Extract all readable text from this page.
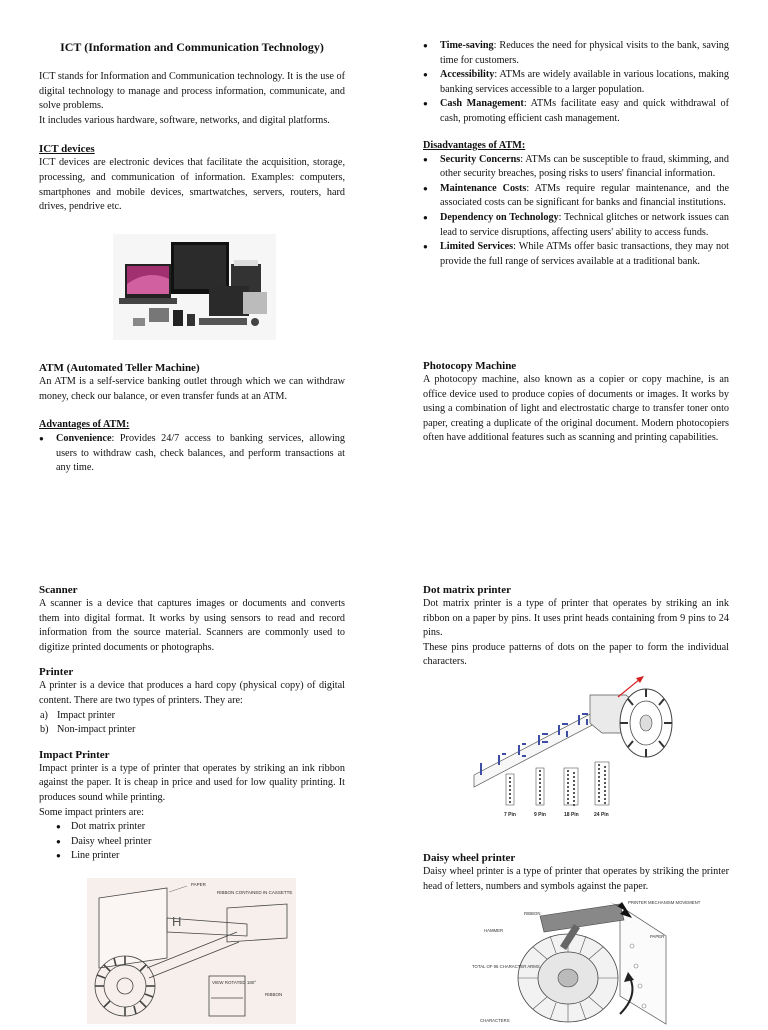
ICT (Information and Communication Technology)

ICT stands for Information and Communication technology. It is the use of digital technology to manage and process information, communicate, and solve problems.

It includes various hardware, software, networks, and digital platforms.

ICT devices

ICT devices are electronic devices that facilitate the acquisition, storage, processing, and communication of information. Examples: computers, smartphones and mobile devices, smartwatches, servers, routers, hard drives, pendrive etc.

ATM (Automated Teller Machine)

An ATM is a self-service banking outlet through which we can withdraw money, check our balance, or even transfer funds at an ATM.

Advantages of ATM:
● Convenience: Provides 24/7 access to banking services, allowing users to withdraw cash, check balances, and perform transactions at any time.
● Time-saving: Reduces the need for physical visits to the bank, saving time for customers.
● Accessibility: ATMs are widely available in various locations, making banking services accessible to a larger population.
● Cash Management: ATMs facilitate easy and quick withdrawal of cash, promoting efficient cash management.
Disadvantages of ATM:
● Security Concerns: ATMs can be susceptible to fraud, skimming, and other security breaches, posing risks to users' financial information.
● Maintenance Costs: ATMs require regular maintenance, and the associated costs can be significant for banks and financial institutions.
● Dependency on Technology: Technical glitches or network issues can lead to service disruptions, affecting users' ability to access funds.
● Limited Services: While ATMs offer basic transactions, they may not provide the full range of services available at a traditional bank.
Photocopy Machine

A photocopy machine, also known as a copier or copy machine, is an office device used to produce copies of documents or images. It works by using a combination of light and electrostatic charge to transfer toner onto paper, creating a duplicate of the original document. Modern photocopiers often have additional features such as scanning and printing capabilities.

Scanner

A scanner is a device that captures images or documents and converts them into digital format. It works by using sensors to read and record information from the source material. Scanners are commonly used to digitize printed documents or photographs.

Printer

A printer is a device that produces a hard copy (physical copy) of digital content. There are two types of printers. They are:

a) Impact printer
b) Non-impact printer
Impact Printer

Impact printer is a type of printer that operates by striking an ink ribbon against the paper. It is cheap in price and used for low quality printing. It produces sound while printing.

Some impact printers are:

● Dot matrix printer
● Daisy wheel printer
● Line printer
H
PAPER
RIBBON CONTAINED IN CASSETTE
VIEW ROTATED 180°
RIBBON
Dot matrix printer

Dot matrix printer is a type of printer that operates by striking an ink ribbon on a paper by pins. It uses print heads containing from 9 pins to 24 pins.

These pins produce patterns of dots on the paper to form the individual characters.

7 Pin	9 Pin	18 Pin	24 Pin
Daisy wheel printer

Daisy wheel printer is a type of printer that operates by striking the printer head of letters, numbers and symbols against the paper.

PRINTER MECHANISM MOVEMENT
RIBBON
HAMMER
PAPER
TOTAL OF 96 CHARACTER ARMS
CHARACTERS
